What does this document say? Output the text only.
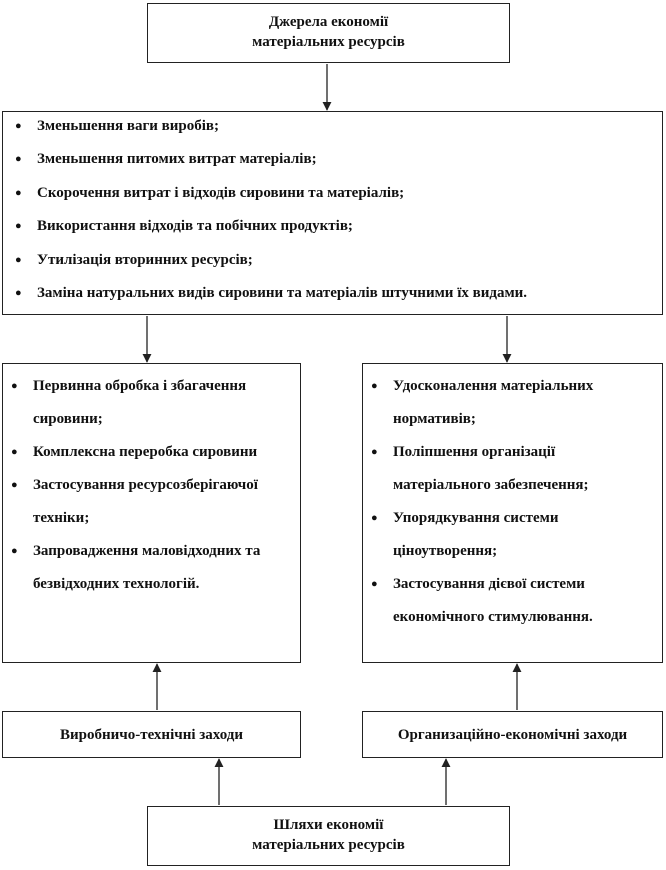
Джерела економії
матеріальних ресурсів
● Зменьшення ваги виробів;
● Зменьшення питомих витрат матеріалів;
● Скорочення витрат і відходів сировини та матеріалів;
● Використання відходів та побічних продуктів;
● Утилізація вторинних ресурсів;
● Заміна натуральних видів сировини та матеріалів штучними їх видами.
● Первинна обробка і збагачення сировини;
● Комплексна переробка сировини
● Застосування ресурсозберігаючої техніки;
● Запровадження маловідходних та безвідходних технологій.
● Удосконалення матеріальних нормативів;
● Поліпшення організації матеріального забезпечення;
● Упорядкування системи ціноутворення;
● Застосування дієвої системи економічного стимулювання.
Виробничо-технічні заходи	Организаційно-економічні заходи
Шляхи економії
матеріальних ресурсів
